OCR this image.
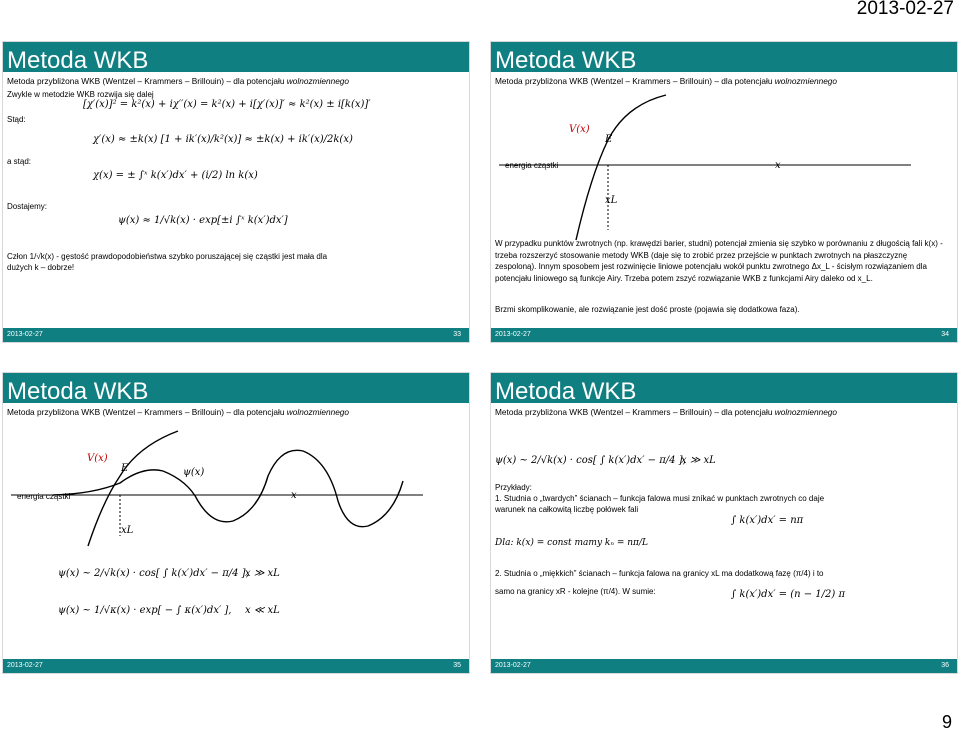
2013-02-27
Metoda WKB
Metoda przybliżona WKB (Wentzel – Krammers – Brillouin) – dla potencjału wolnozmiennego
Zwykle w metodzie WKB rozwija się dalej
[χ′(x)]² = k²(x) + iχ′′(x) = k²(x) + i[χ′(x)]′ ≈ k²(x) ± i[k(x)]′
Stąd:
χ′(x) ≈ ±k(x) [1 + ik′(x)/k²(x)] ≈ ±k(x) + ik′(x)/2k(x)
a stąd:
χ(x) = ± ∫ˣ k(x′)dx′ + (i/2) ln k(x)
Dostajemy:
ψ(x) ≈ 1/√k(x) · exp[±i ∫ˣ k(x′)dx′]
Człon 1/√k(x) - gęstość prawdopodobieństwa szybko poruszającej się cząstki jest mała dla
dużych k – dobrze!
2013-02-27	33
Metoda WKB
Metoda przybliżona WKB (Wentzel – Krammers – Brillouin) – dla potencjału wolnozmiennego
V(x)
E
energia cząstki	x
xL
W przypadku punktów zwrotnych (np. krawędzi barier, studni) potencjał zmienia się szybko w porównaniu z długością fali k(x) - trzeba rozszerzyć stosowanie metody WKB (daje się to zrobić przez przejście w punktach zwrotnych na płaszczyznę zespoloną). Innym sposobem jest rozwinięcie liniowe potencjału wokół punktu zwrotnego Δx_L - ścisłym rozwiązaniem dla potencjału liniowego są funkcje Airy. Trzeba potem zszyć rozwiązanie WKB z funkcjami Airy daleko od x_L.
Brzmi skomplikowanie, ale rozwiązanie jest dość proste (pojawia się dodatkowa faza).
2013-02-27	34
Metoda WKB
Metoda przybliżona WKB (Wentzel – Krammers – Brillouin) – dla potencjału wolnozmiennego
V(x)
E	ψ(x)
energia cząstki	x
xL
ψ(x) ~ 2/√k(x) · cos[ ∫ k(x′)dx′ − π/4 ],
x ≫ xL
ψ(x) ~ 1/√κ(x) · exp[ − ∫ κ(x′)dx′ ], x ≪ xL
2013-02-27	35
Metoda WKB
Metoda przybliżona WKB (Wentzel – Krammers – Brillouin) – dla potencjału wolnozmiennego
ψ(x) ~ 2/√k(x) · cos[ ∫ k(x′)dx′ − π/4 ],
x ≫ xL
Przykłady:
1. Studnia o „twardych” ścianach – funkcja falowa musi zníkać w punktach zwrotnych co daje
warunek na całkowitą liczbę połówek fali
∫ k(x′)dx′ = nπ
Dla: k(x) = const mamy kₙ = nπ/L
2. Studnia o „miękkich” ścianach – funkcja falowa na granicy xL ma dodatkową fazę (π/4) i to
samo na granicy xR - kolejne (π/4). W sumie:	∫ k(x′)dx′ = (n − 1/2) π
2013-02-27	36
9
